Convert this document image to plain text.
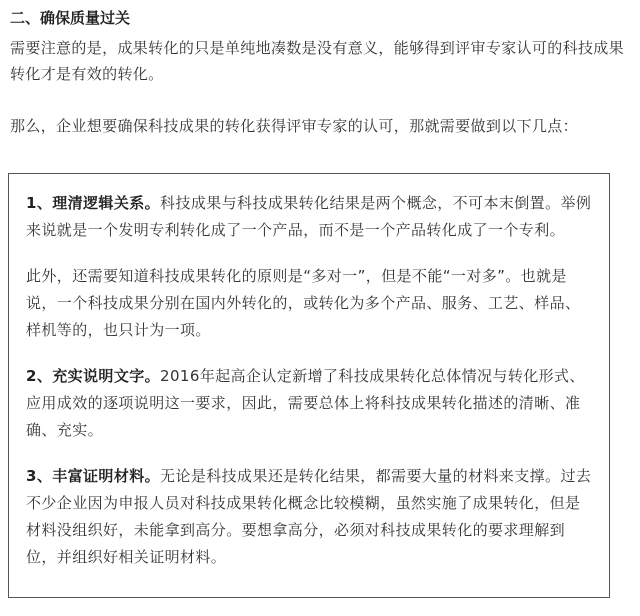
二、确保质量过关

需要注意的是，成果转化的只是单纯地凑数是没有意义，能够得到评审专家认可的科技成果转化才是有效的转化。

那么，企业想要确保科技成果的转化获得评审专家的认可，那就需要做到以下几点：

1、理清逻辑关系。科技成果与科技成果转化结果是两个概念，不可本末倒置。举例来说就是一个发明专利转化成了一个产品，而不是一个产品转化成了一个专利。

此外，还需要知道科技成果转化的原则是“多对一”，但是不能“一对多”。也就是说，一个科技成果分别在国内外转化的，或转化为多个产品、服务、工艺、样品、样机等的，也只计为一项。

2、充实说明文字。2016年起高企认定新增了科技成果转化总体情况与转化形式、应用成效的逐项说明这一要求，因此，需要总体上将科技成果转化描述的清晰、准确、充实。

3、丰富证明材料。无论是科技成果还是转化结果，都需要大量的材料来支撑。过去不少企业因为申报人员对科技成果转化概念比较模糊，虽然实施了成果转化，但是材料没组织好，未能拿到高分。要想拿高分，必须对科技成果转化的要求理解到位，并组织好相关证明材料。
